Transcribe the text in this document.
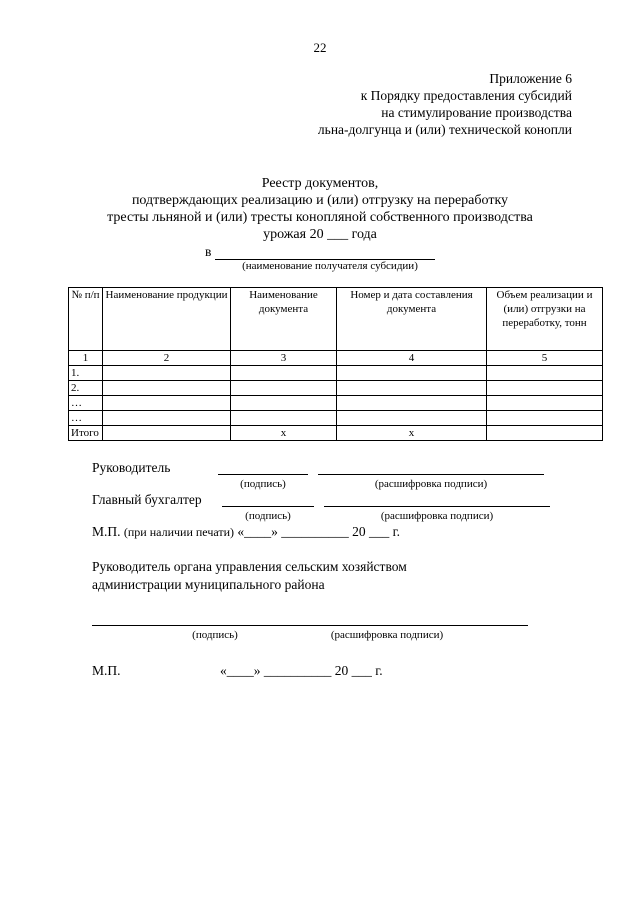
22
Приложение 6
к Порядку предоставления субсидий
на стимулирование производства
льна-долгунца и (или) технической конопли
Реестр документов,
подтверждающих реализацию и (или) отгрузку на переработку
тресты льняной и (или) тресты конопляной собственного производства
урожая 20 ___ года
в
(наименование получателя субсидии)
№ п/п	Наименование продукции	Наименование документа	Номер и дата составления документа	Объем реализации и (или) отгрузки на переработку, тонн
1	2	3	4	5
1.				
2.				
…				
…				
Итого		x	x	
Руководитель
(подпись)	(расшифровка подписи)
Главный бухгалтер
(подпись)	(расшифровка подписи)
М.П. (при наличии печати) «____» __________ 20 ___ г.
Руководитель органа управления сельским хозяйством
администрации муниципального района
(подпись)	(расшифровка подписи)
М.П.	«____» __________ 20 ___ г.
